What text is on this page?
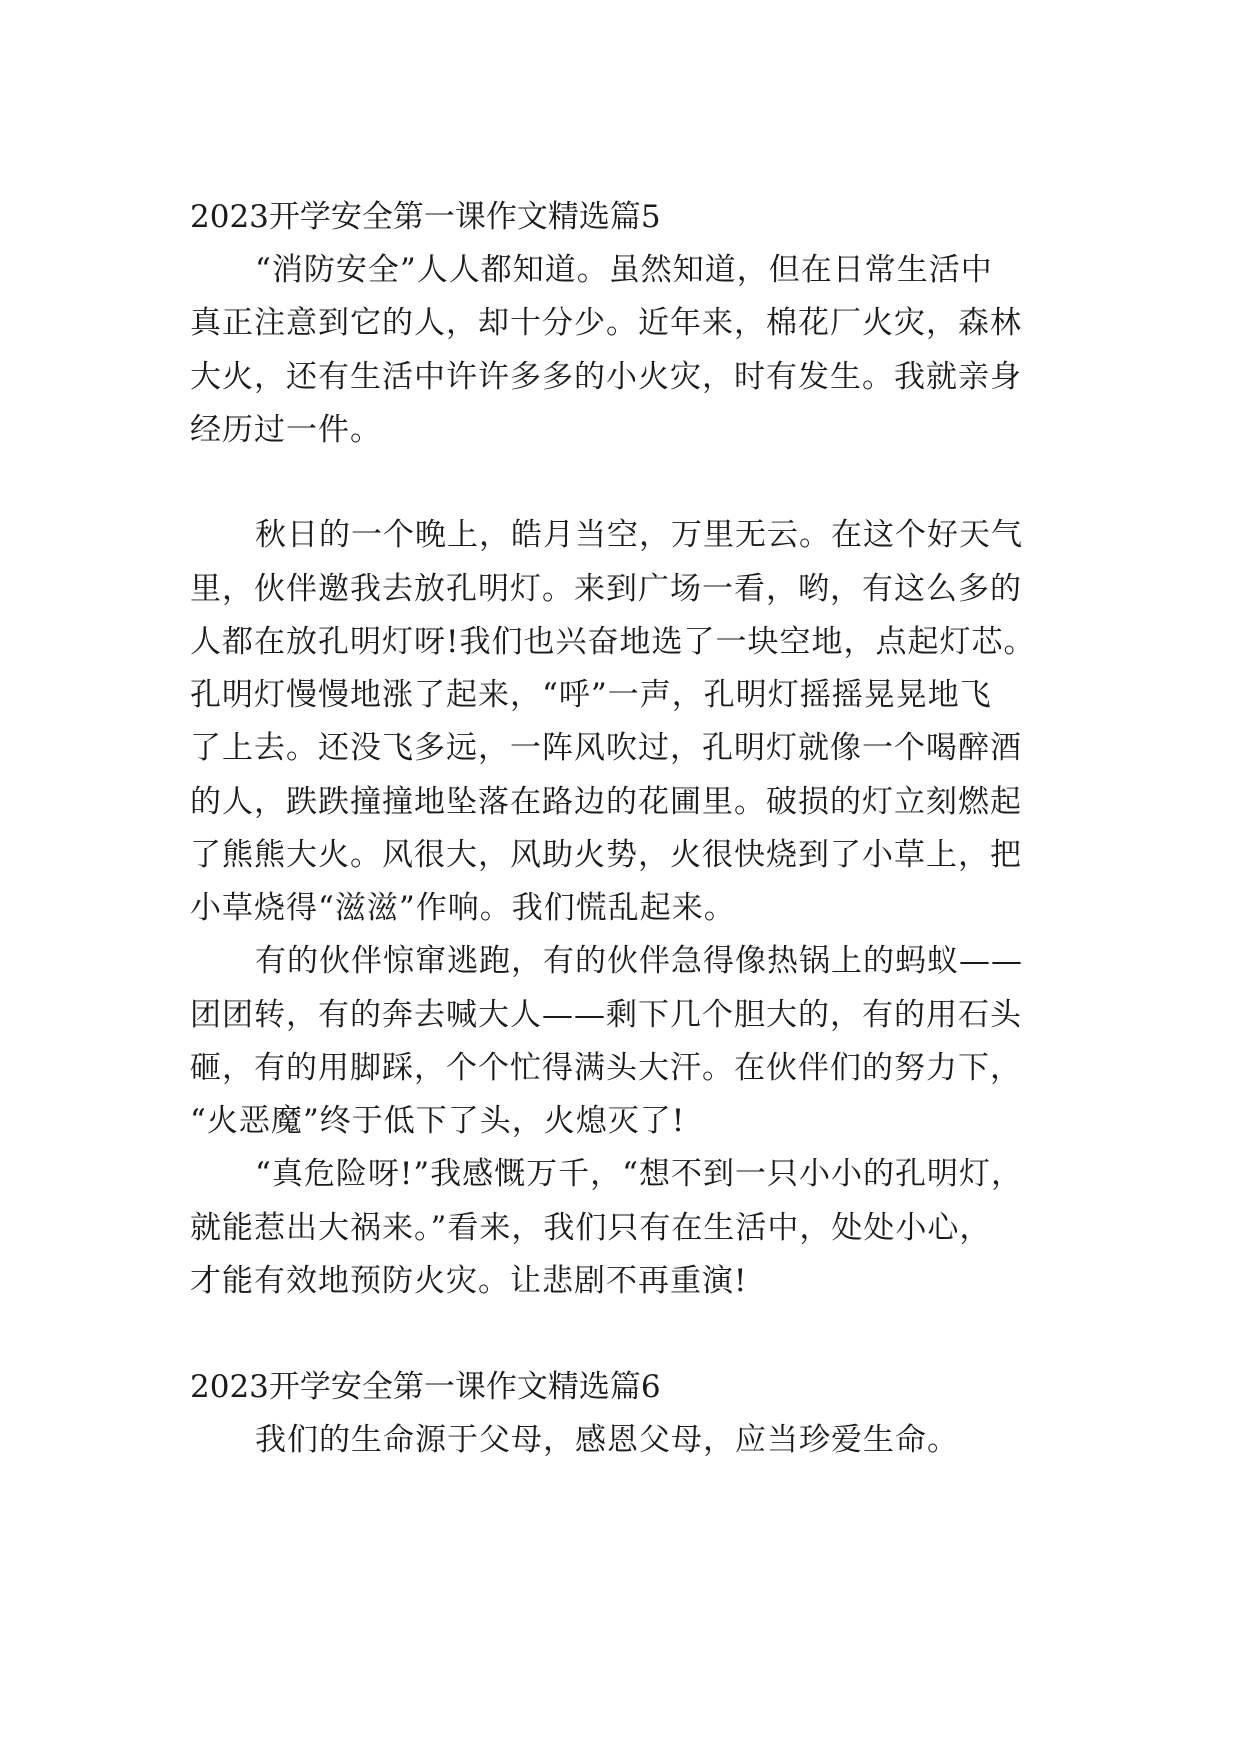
2023开学安全第一课作文精选篇5

“消防安全”人人都知道。虽然知道，但在日常生活中

真正注意到它的人，却十分少。近年来，棉花厂火灾，森林

大火，还有生活中许许多多的小火灾，时有发生。我就亲身

经历过一件。

秋日的一个晚上，皓月当空，万里无云。在这个好天气

里，伙伴邀我去放孔明灯。来到广场一看，哟，有这么多的

人都在放孔明灯呀!我们也兴奋地选了一块空地，点起灯芯。

孔明灯慢慢地涨了起来，“呼”一声，孔明灯摇摇晃晃地飞

了上去。还没飞多远，一阵风吹过，孔明灯就像一个喝醉酒

的人，跌跌撞撞地坠落在路边的花圃里。破损的灯立刻燃起

了熊熊大火。风很大，风助火势，火很快烧到了小草上，把

小草烧得“滋滋”作响。我们慌乱起来。

有的伙伴惊窜逃跑，有的伙伴急得像热锅上的蚂蚁——

团团转，有的奔去喊大人——剩下几个胆大的，有的用石头

砸，有的用脚踩，个个忙得满头大汗。在伙伴们的努力下，

“火恶魔”终于低下了头，火熄灭了!

“真危险呀!”我感慨万千，“想不到一只小小的孔明灯，

就能惹出大祸来。”看来，我们只有在生活中，处处小心，

才能有效地预防火灾。让悲剧不再重演!

2023开学安全第一课作文精选篇6

我们的生命源于父母，感恩父母，应当珍爱生命。
